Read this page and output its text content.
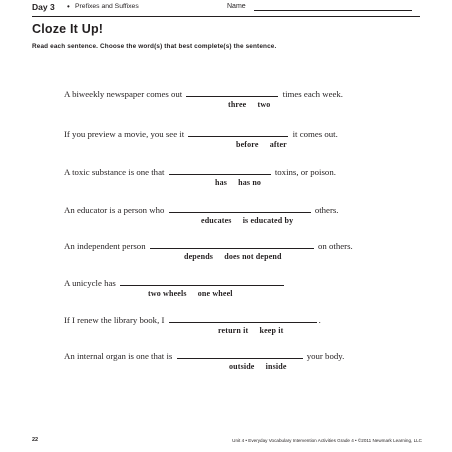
Day 3 • Prefixes and Suffixes	Name
Cloze It Up!
Read each sentence. Choose the word(s) that best complete(s) the sentence.
A biweekly newspaper comes out	times each week.
three two
If you preview a movie, you see it	it comes out.
before after
A toxic substance is one that	toxins, or poison.
has has no
An educator is a person who	others.
educates is educated by
An independent person	on others.
depends does not depend
A unicycle has
two wheels one wheel
If I renew the library book, I	.
return it keep it
An internal organ is one that is	your body.
outside inside
22	Unit 4 • Everyday Vocabulary Intervention Activities Grade 4 • ©2011 Newmark Learning, LLC
